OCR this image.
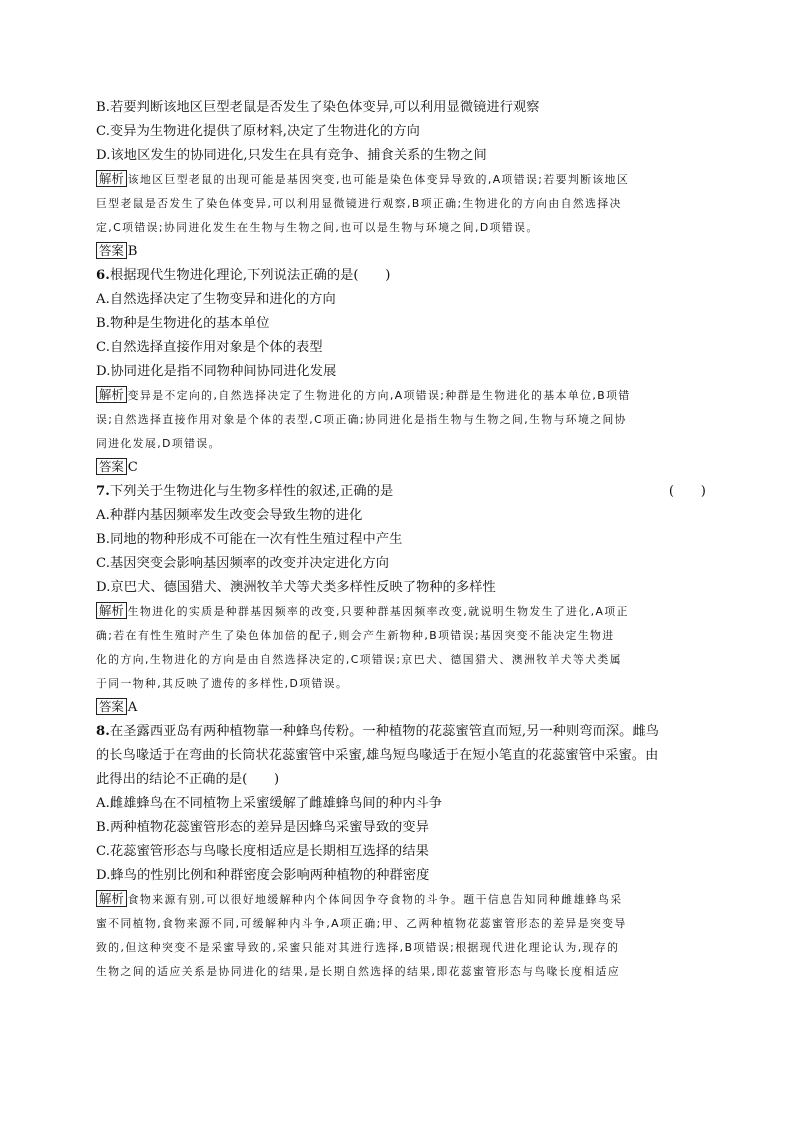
B.若要判断该地区巨型老鼠是否发生了染色体变异,可以利用显微镜进行观察
C.变异为生物进化提供了原材料,决定了生物进化的方向
D.该地区发生的协同进化,只发生在具有竞争、捕食关系的生物之间
解析 该地区巨型老鼠的出现可能是基因突变,也可能是染色体变异导致的,A项错误;若要判断该地区
巨型老鼠是否发生了染色体变异,可以利用显微镜进行观察,B项正确;生物进化的方向由自然选择决
定,C项错误;协同进化发生在生物与生物之间,也可以是生物与环境之间,D项错误。
答案 B
6.根据现代生物进化理论,下列说法正确的是(　　)
A.自然选择决定了生物变异和进化的方向
B.物种是生物进化的基本单位
C.自然选择直接作用对象是个体的表型
D.协同进化是指不同物种间协同进化发展
解析 变异是不定向的,自然选择决定了生物进化的方向,A项错误;种群是生物进化的基本单位,B项错
误;自然选择直接作用对象是个体的表型,C项正确;协同进化是指生物与生物之间,生物与环境之间协
同进化发展,D项错误。
答案 C
7.下列关于生物进化与生物多样性的叙述,正确的是	(　　)
A.种群内基因频率发生改变会导致生物的进化
B.同地的物种形成不可能在一次有性生殖过程中产生
C.基因突变会影响基因频率的改变并决定进化方向
D.京巴犬、德国猎犬、澳洲牧羊犬等犬类多样性反映了物种的多样性
解析 生物进化的实质是种群基因频率的改变,只要种群基因频率改变,就说明生物发生了进化,A项正
确;若在有性生殖时产生了染色体加倍的配子,则会产生新物种,B项错误;基因突变不能决定生物进
化的方向,生物进化的方向是由自然选择决定的,C项错误;京巴犬、德国猎犬、澳洲牧羊犬等犬类属
于同一物种,其反映了遗传的多样性,D项错误。
答案 A
8.在圣露西亚岛有两种植物靠一种蜂鸟传粉。一种植物的花蕊蜜管直而短,另一种则弯而深。雌鸟
的长鸟喙适于在弯曲的长筒状花蕊蜜管中采蜜,雄鸟短鸟喙适于在短小笔直的花蕊蜜管中采蜜。由
此得出的结论不正确的是(　　)
A.雌雄蜂鸟在不同植物上采蜜缓解了雌雄蜂鸟间的种内斗争
B.两种植物花蕊蜜管形态的差异是因蜂鸟采蜜导致的变异
C.花蕊蜜管形态与鸟喙长度相适应是长期相互选择的结果
D.蜂鸟的性别比例和种群密度会影响两种植物的种群密度
解析 食物来源有别,可以很好地缓解种内个体间因争夺食物的斗争。题干信息告知同种雌雄蜂鸟采
蜜不同植物,食物来源不同,可缓解种内斗争,A项正确;甲、乙两种植物花蕊蜜管形态的差异是突变导
致的,但这种突变不是采蜜导致的,采蜜只能对其进行选择,B项错误;根据现代进化理论认为,现存的
生物之间的适应关系是协同进化的结果,是长期自然选择的结果,即花蕊蜜管形态与鸟喙长度相适应
